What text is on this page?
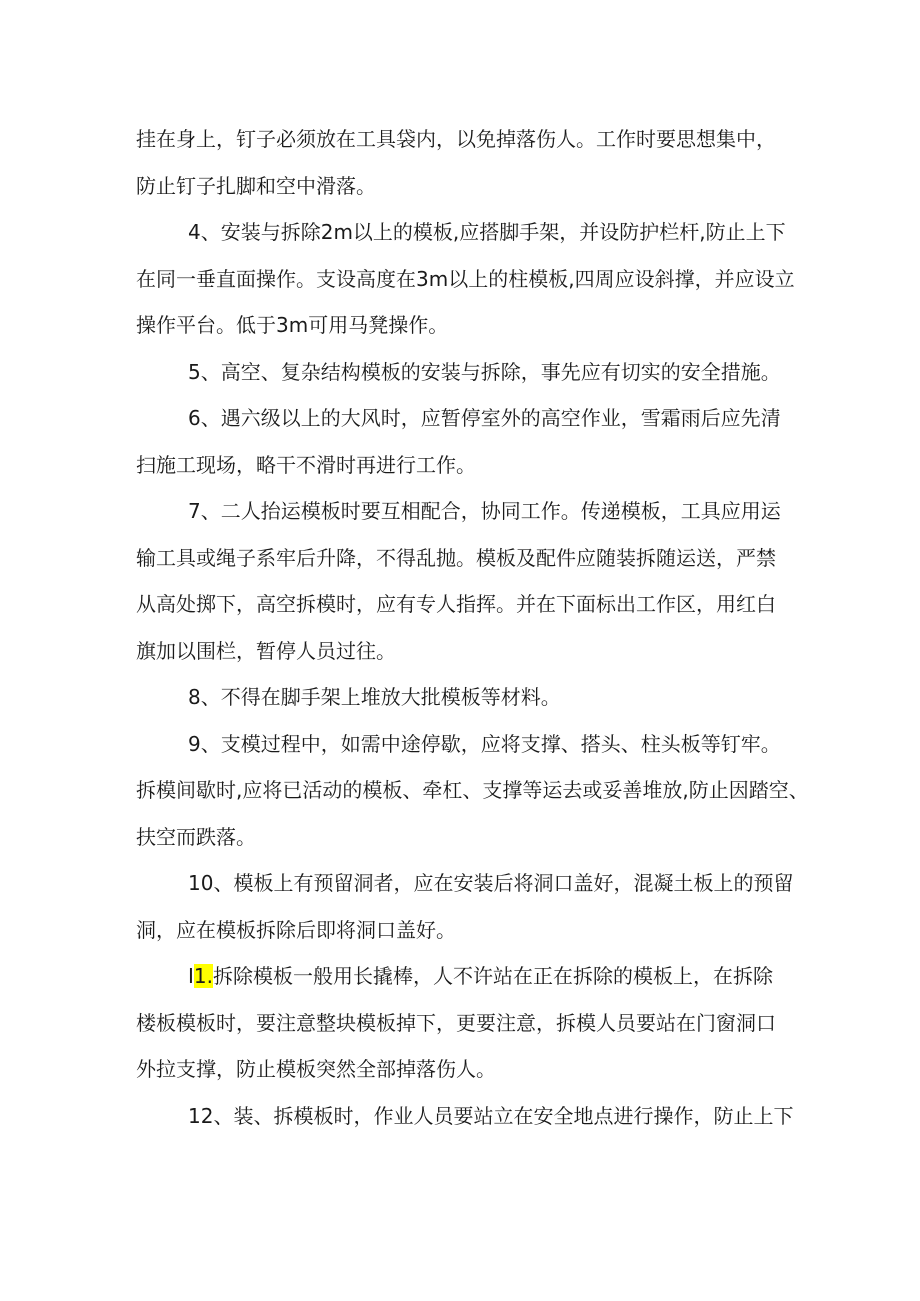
挂在身上，钉子必须放在工具袋内，以免掉落伤人。工作时要思想集中，
防止钉子扎脚和空中滑落。
4、安装与拆除2m以上的模板,应搭脚手架，并设防护栏杆,防止上下
在同一垂直面操作。支设高度在3m以上的柱模板,四周应设斜撑，并应设立
操作平台。低于3m可用马凳操作。
5、高空、复杂结构模板的安装与拆除，事先应有切实的安全措施。
6、遇六级以上的大风时，应暂停室外的高空作业，雪霜雨后应先清
扫施工现场，略干不滑时再进行工作。
7、二人抬运模板时要互相配合，协同工作。传递模板，工具应用运
输工具或绳子系牢后升降，不得乱抛。模板及配件应随装拆随运送，严禁
从高处掷下，高空拆模时，应有专人指挥。并在下面标出工作区，用红白
旗加以围栏，暂停人员过往。
8、不得在脚手架上堆放大批模板等材料。
9、支模过程中，如需中途停歇，应将支撑、搭头、柱头板等钉牢。
拆模间歇时,应将已活动的模板、牵杠、支撑等运去或妥善堆放,防止因踏空、
扶空而跌落。
10、模板上有预留洞者，应在安装后将洞口盖好，混凝土板上的预留
洞，应在模板拆除后即将洞口盖好。
I1.拆除模板一般用长撬棒，人不许站在正在拆除的模板上，在拆除
楼板模板时，要注意整块模板掉下，更要注意，拆模人员要站在门窗洞口
外拉支撑，防止模板突然全部掉落伤人。
12、装、拆模板时，作业人员要站立在安全地点进行操作，防止上下
